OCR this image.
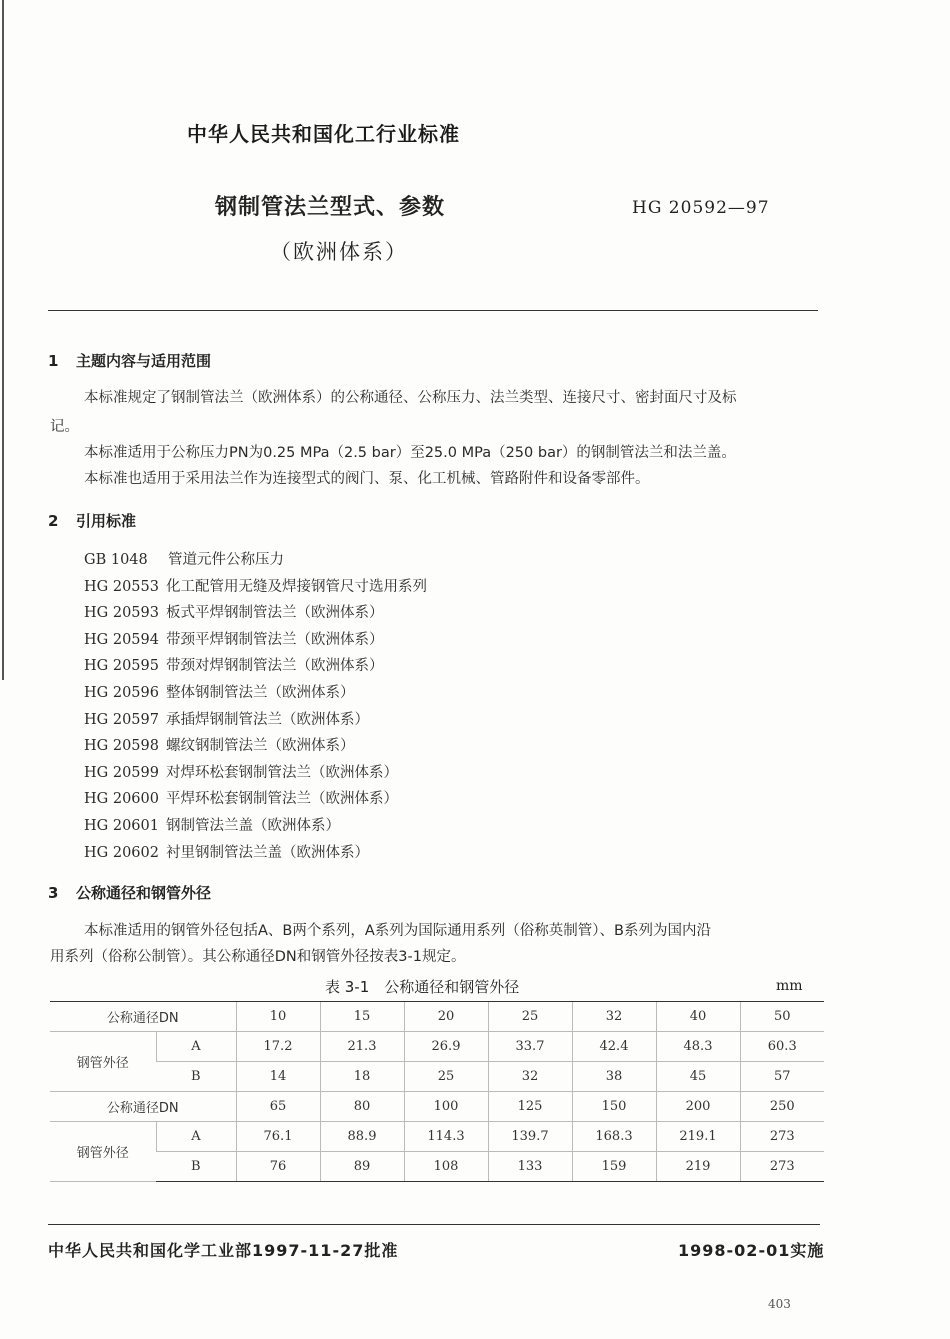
中华人民共和国化工行业标准
钢制管法兰型式、参数	HG 20592—97
（欧洲体系）
1 主题内容与适用范围
本标准规定了钢制管法兰（欧洲体系）的公称通径、公称压力、法兰类型、连接尺寸、密封面尺寸及标
记。
本标准适用于公称压力PN为0.25 MPa（2.5 bar）至25.0 MPa（250 bar）的钢制管法兰和法兰盖。
本标准也适用于采用法兰作为连接型式的阀门、泵、化工机械、管路附件和设备零部件。
2 引用标准
GB 1048 管道元件公称压力
HG 20553 化工配管用无缝及焊接钢管尺寸选用系列
HG 20593 板式平焊钢制管法兰（欧洲体系）
HG 20594 带颈平焊钢制管法兰（欧洲体系）
HG 20595 带颈对焊钢制管法兰（欧洲体系）
HG 20596 整体钢制管法兰（欧洲体系）
HG 20597 承插焊钢制管法兰（欧洲体系）
HG 20598 螺纹钢制管法兰（欧洲体系）
HG 20599 对焊环松套钢制管法兰（欧洲体系）
HG 20600 平焊环松套钢制管法兰（欧洲体系）
HG 20601 钢制管法兰盖（欧洲体系）
HG 20602 衬里钢制管法兰盖（欧洲体系）
3 公称通径和钢管外径
本标准适用的钢管外径包括A、B两个系列，A系列为国际通用系列（俗称英制管）、B系列为国内沿
用系列（俗称公制管）。其公称通径DN和钢管外径按表3-1规定。
表 3-1　公称通径和钢管外径	mm
公称通径DN		10	15	20	25	32	40	50
钢管外径	A	17.2	21.3	26.9	33.7	42.4	48.3	60.3
	B	14	18	25	32	38	45	57
公称通径DN		65	80	100	125	150	200	250
钢管外径	A	76.1	88.9	114.3	139.7	168.3	219.1	273
	B	76	89	108	133	159	219	273
中华人民共和国化学工业部1997-11-27批准	1998-02-01实施
403
